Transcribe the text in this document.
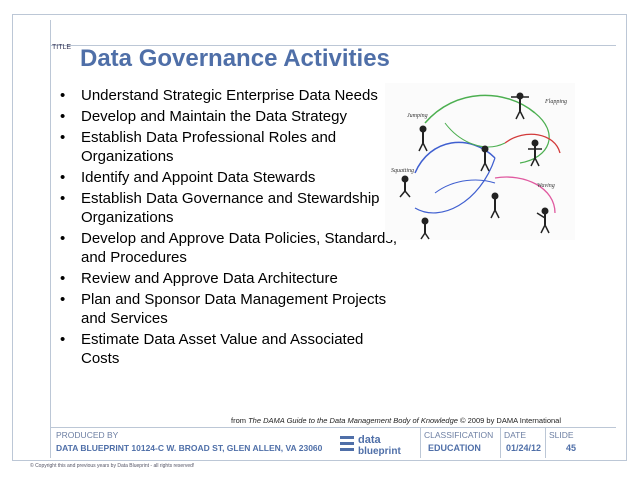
TITLE Data Governance Activities
• Understand Strategic Enterprise Data Needs
• Develop and Maintain the Data Strategy
• Establish Data Professional Roles and Organizations
• Identify and Appoint Data Stewards
• Establish Data Governance and Stewardship Organizations
• Develop and Approve Data Policies, Standards, and Procedures
• Review and Approve Data Architecture
• Plan and Sponsor Data Management Projects and Services
• Estimate Data Asset Value and Associated Costs
Jumping
Flapping
Squatting
Waving
from The DAMA Guide to the Data Management Body of Knowledge © 2009 by DAMA International
PRODUCED BY
DATA BLUEPRINT 10124-C W. BROAD ST, GLEN ALLEN, VA 23060
data
blueprint
CLASSIFICATION
EDUCATION
DATE
01/24/12
SLIDE
45
© Copyright this and previous years by Data Blueprint - all rights reserved!
